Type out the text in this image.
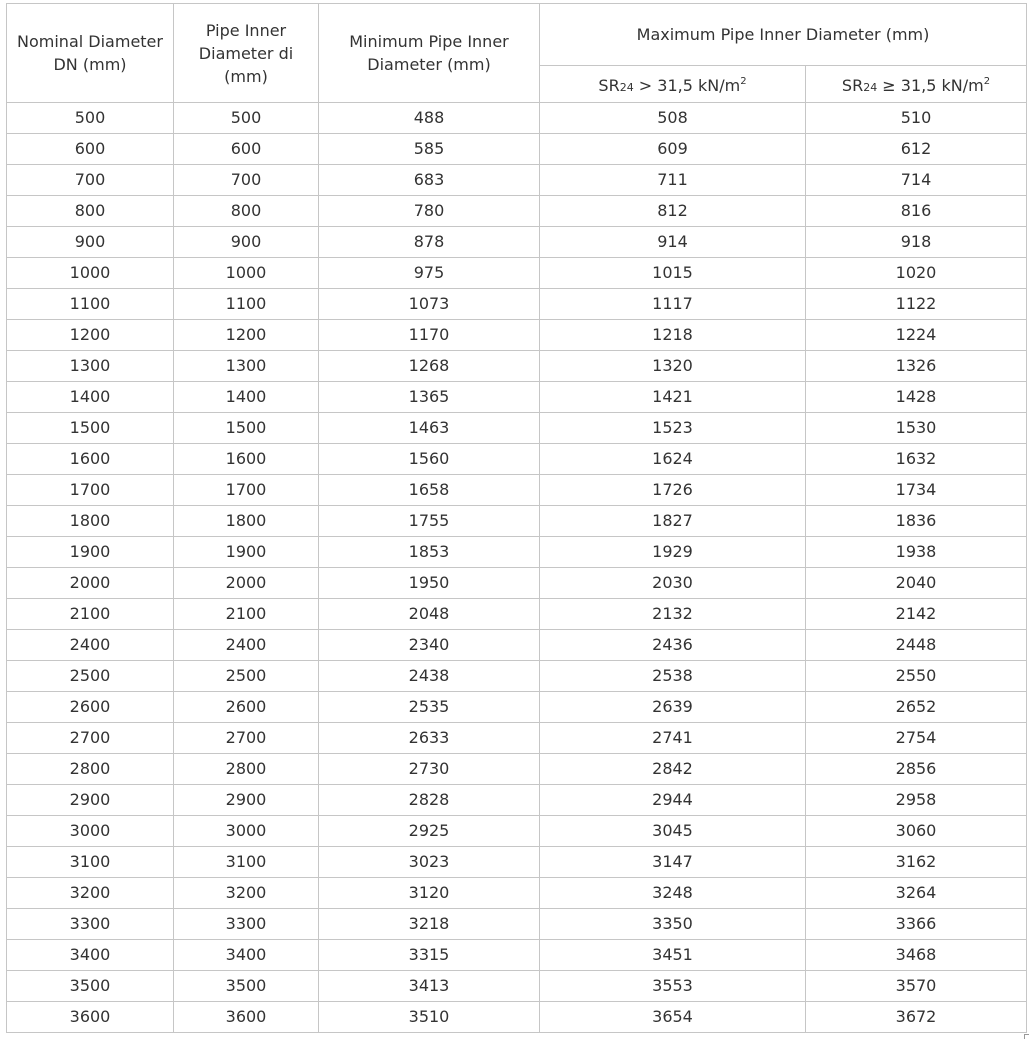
Nominal Diameter DN (mm)	Pipe Inner Diameter di (mm)	Minimum Pipe Inner Diameter (mm)	Maximum Pipe Inner Diameter (mm)	
			SR24 > 31,5 $kN/m^2$	SR24 ≥ 31,5 $kN/m^2$
500	500	488	508	510
600	600	585	609	612
700	700	683	711	714
800	800	780	812	816
900	900	878	914	918
1000	1000	975	1015	1020
1100	1100	1073	1117	1122
1200	1200	1170	1218	1224
1300	1300	1268	1320	1326
1400	1400	1365	1421	1428
1500	1500	1463	1523	1530
1600	1600	1560	1624	1632
1700	1700	1658	1726	1734
1800	1800	1755	1827	1836
1900	1900	1853	1929	1938
2000	2000	1950	2030	2040
2100	2100	2048	2132	2142
2400	2400	2340	2436	2448
2500	2500	2438	2538	2550
2600	2600	2535	2639	2652
2700	2700	2633	2741	2754
2800	2800	2730	2842	2856
2900	2900	2828	2944	2958
3000	3000	2925	3045	3060
3100	3100	3023	3147	3162
3200	3200	3120	3248	3264
3300	3300	3218	3350	3366
3400	3400	3315	3451	3468
3500	3500	3413	3553	3570
3600	3600	3510	3654	3672
